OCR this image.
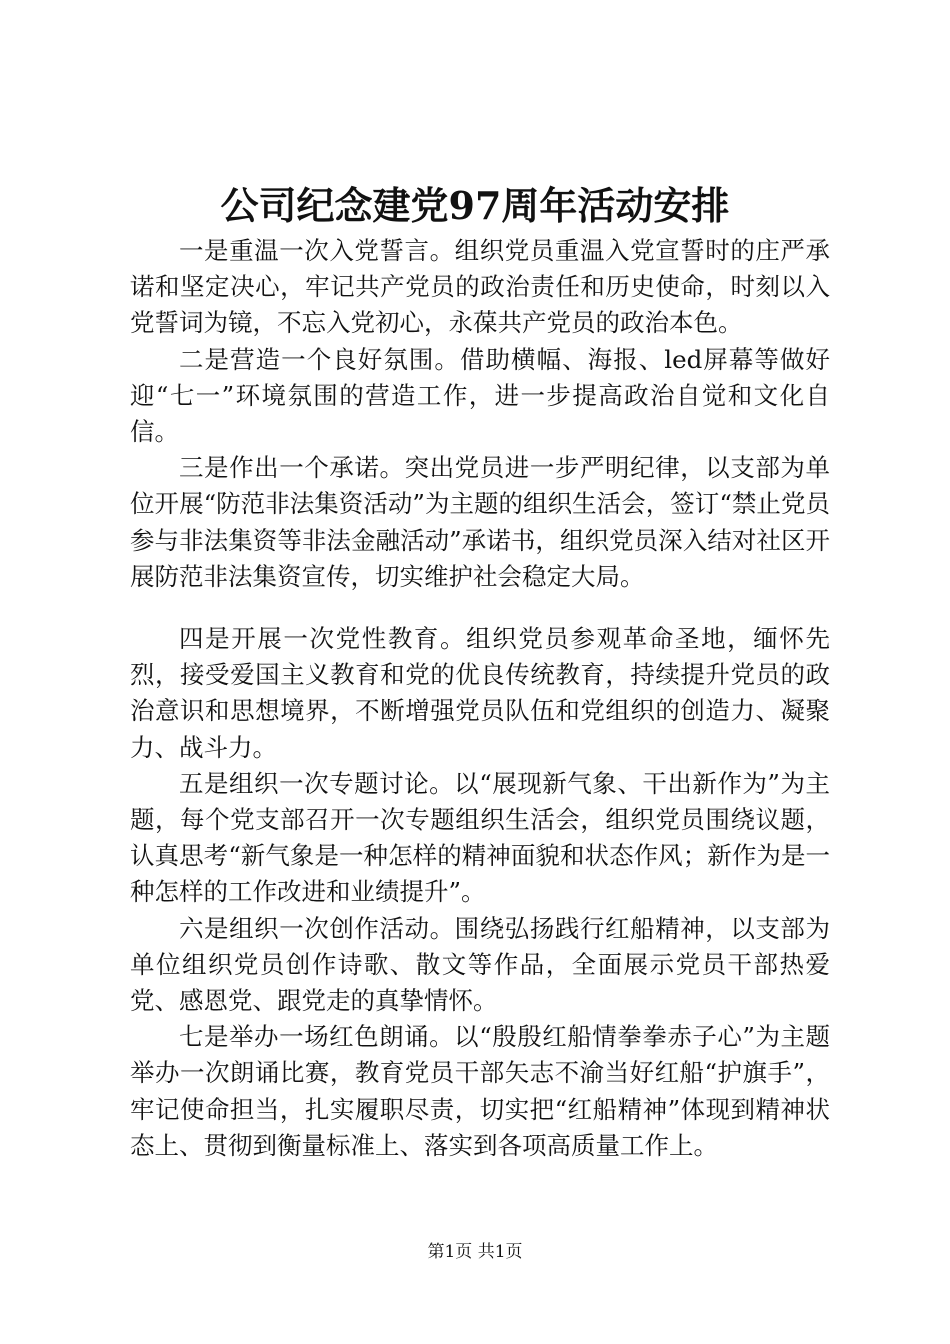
公司纪念建党97周年活动安排

一是重温一次入党誓言。组织党员重温入党宣誓时的庄严承诺和坚定决心，牢记共产党员的政治责任和历史使命，时刻以入党誓词为镜，不忘入党初心，永葆共产党员的政治本色。

二是营造一个良好氛围。借助横幅、海报、led屏幕等做好迎“七一”环境氛围的营造工作，进一步提高政治自觉和文化自信。

三是作出一个承诺。突出党员进一步严明纪律，以支部为单位开展“防范非法集资活动”为主题的组织生活会，签订“禁止党员参与非法集资等非法金融活动”承诺书，组织党员深入结对社区开展防范非法集资宣传，切实维护社会稳定大局。

四是开展一次党性教育。组织党员参观革命圣地，缅怀先烈，接受爱国主义教育和党的优良传统教育，持续提升党员的政治意识和思想境界，不断增强党员队伍和党组织的创造力、凝聚力、战斗力。

五是组织一次专题讨论。以“展现新气象、干出新作为”为主题，每个党支部召开一次专题组织生活会，组织党员围绕议题，认真思考“新气象是一种怎样的精神面貌和状态作风；新作为是一种怎样的工作改进和业绩提升”。

六是组织一次创作活动。围绕弘扬践行红船精神，以支部为单位组织党员创作诗歌、散文等作品，全面展示党员干部热爱党、感恩党、跟党走的真挚情怀。

七是举办一场红色朗诵。以“殷殷红船情拳拳赤子心”为主题举办一次朗诵比赛，教育党员干部矢志不渝当好红船“护旗手”，牢记使命担当，扎实履职尽责，切实把“红船精神”体现到精神状态上、贯彻到衡量标准上、落实到各项高质量工作上。

第1页 共1页
